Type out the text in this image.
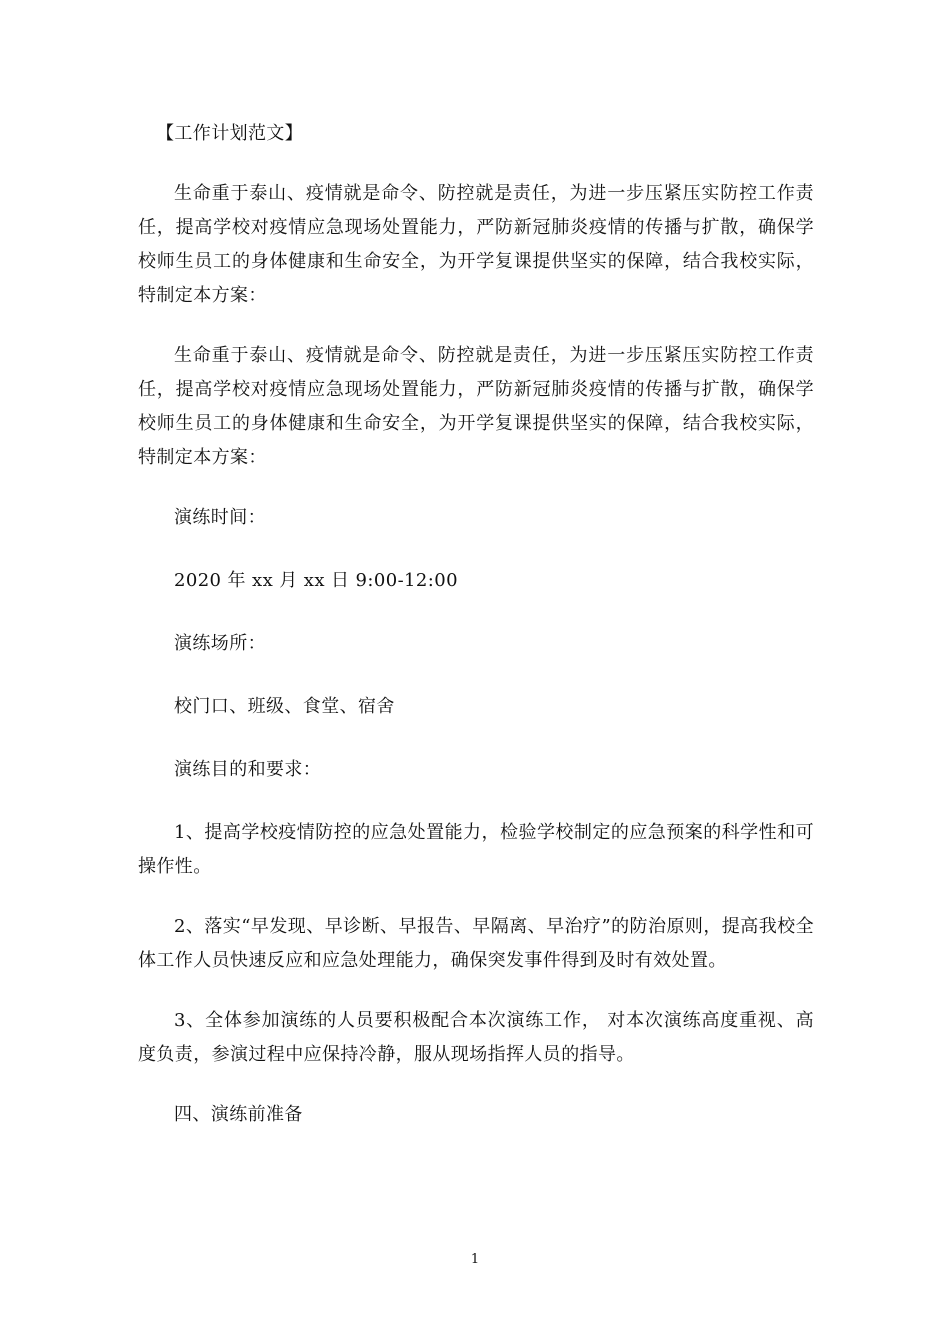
【工作计划范文】

生命重于泰山、疫情就是命令、防控就是责任，为进一步压紧压实防控工作责任，提高学校对疫情应急现场处置能力，严防新冠肺炎疫情的传播与扩散，确保学校师生员工的身体健康和生命安全，为开学复课提供坚实的保障，结合我校实际，特制定本方案：

生命重于泰山、疫情就是命令、防控就是责任，为进一步压紧压实防控工作责任，提高学校对疫情应急现场处置能力，严防新冠肺炎疫情的传播与扩散，确保学校师生员工的身体健康和生命安全，为开学复课提供坚实的保障，结合我校实际，特制定本方案：

演练时间：

2020 年 xx 月 xx 日 9:00-12:00

演练场所：

校门口、班级、食堂、宿舍

演练目的和要求：

1、提高学校疫情防控的应急处置能力，检验学校制定的应急预案的科学性和可操作性。

2、落实“早发现、早诊断、早报告、早隔离、早治疗”的防治原则，提高我校全体工作人员快速反应和应急处理能力，确保突发事件得到及时有效处置。

3、全体参加演练的人员要积极配合本次演练工作， 对本次演练高度重视、高度负责，参演过程中应保持冷静，服从现场指挥人员的指导。

四、演练前准备

1
